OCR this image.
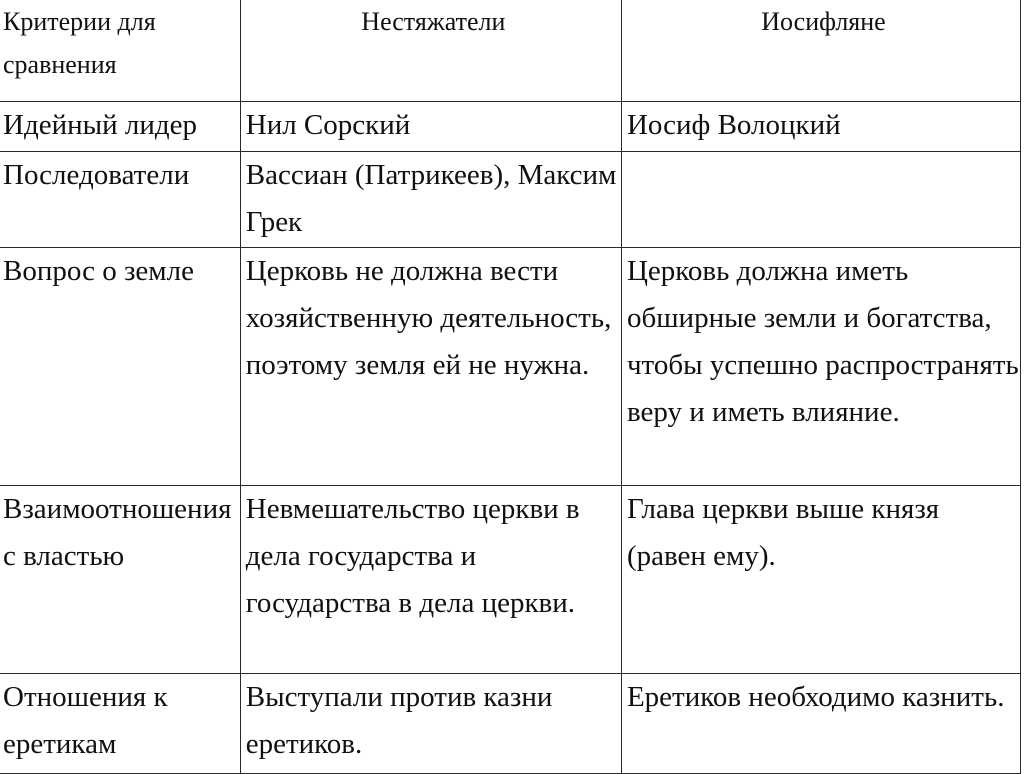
Критерии для сравнения	Нестяжатели	Иосифляне
Идейный лидер	Нил Сорский	Иосиф Волоцкий
Последователи	Вассиан (Патрикеев), Максим Грек	
Вопрос о земле	Церковь не должна вести хозяйственную деятельность, поэтому земля ей не нужна.	Церковь должна иметь обширные земли и богатства, чтобы успешно распространять веру и иметь влияние.
Взаимоотношения с властью	Невмешательство церкви в дела государства и государства в дела церкви.	Глава церкви выше князя (равен ему).
Отношения к еретикам	Выступали против казни еретиков.	Еретиков необходимо казнить.
